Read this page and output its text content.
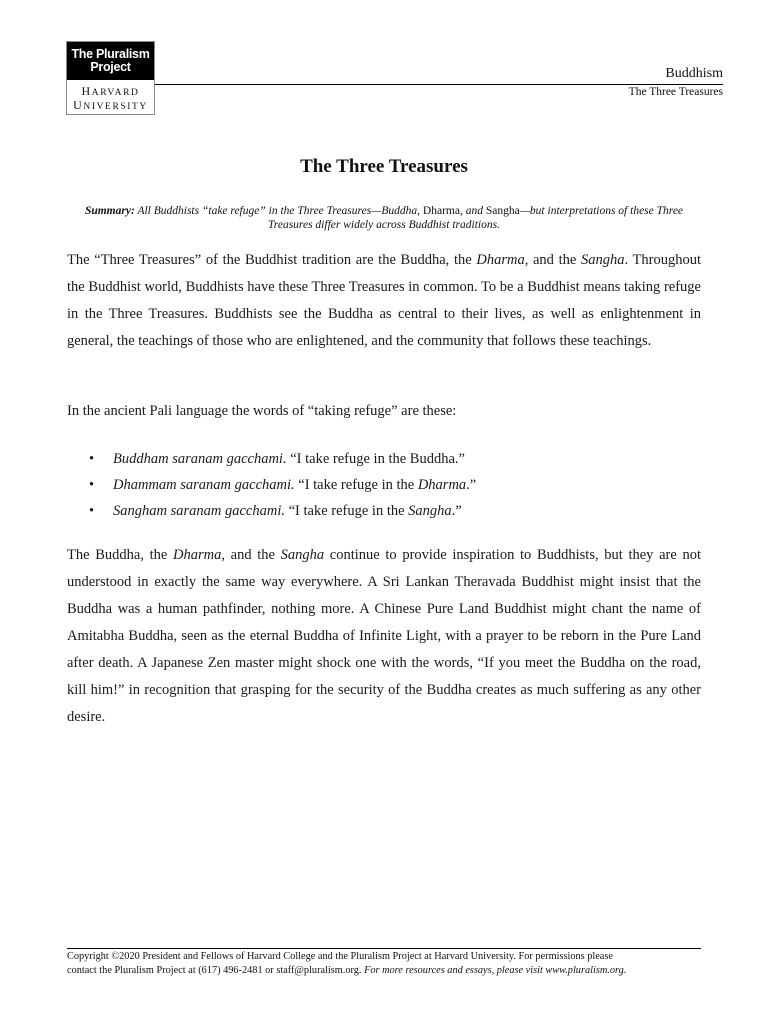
The Pluralism
Project
HARVARD
UNIVERSITY
Buddhism
The Three Treasures
The Three Treasures
Summary: All Buddhists “take refuge” in the Three Treasures—Buddha, Dharma, and Sangha—but interpretations of these Three Treasures differ widely across Buddhist traditions.

The “Three Treasures” of the Buddhist tradition are the Buddha, the Dharma, and the Sangha. Throughout the Buddhist world, Buddhists have these Three Treasures in common. To be a Buddhist means taking refuge in the Three Treasures. Buddhists see the Buddha as central to their lives, as well as enlightenment in general, the teachings of those who are enlightened, and the community that follows these teachings.

In the ancient Pali language the words of “taking refuge” are these:

• Buddham saranam gacchami. “I take refuge in the Buddha.”
• Dhammam saranam gacchami. “I take refuge in the Dharma.”
• Sangham saranam gacchami. “I take refuge in the Sangha.”

The Buddha, the Dharma, and the Sangha continue to provide inspiration to Buddhists, but they are not understood in exactly the same way everywhere. A Sri Lankan Theravada Buddhist might insist that the Buddha was a human pathfinder, nothing more. A Chinese Pure Land Buddhist might chant the name of Amitabha Buddha, seen as the eternal Buddha of Infinite Light, with a prayer to be reborn in the Pure Land after death. A Japanese Zen master might shock one with the words, “If you meet the Buddha on the road, kill him!” in recognition that grasping for the security of the Buddha creates as much suffering as any other desire.

Copyright ©2020 President and Fellows of Harvard College and the Pluralism Project at Harvard University. For permissions please
contact the Pluralism Project at (617) 496-2481 or staff@pluralism.org. For more resources and essays, please visit www.pluralism.org.
